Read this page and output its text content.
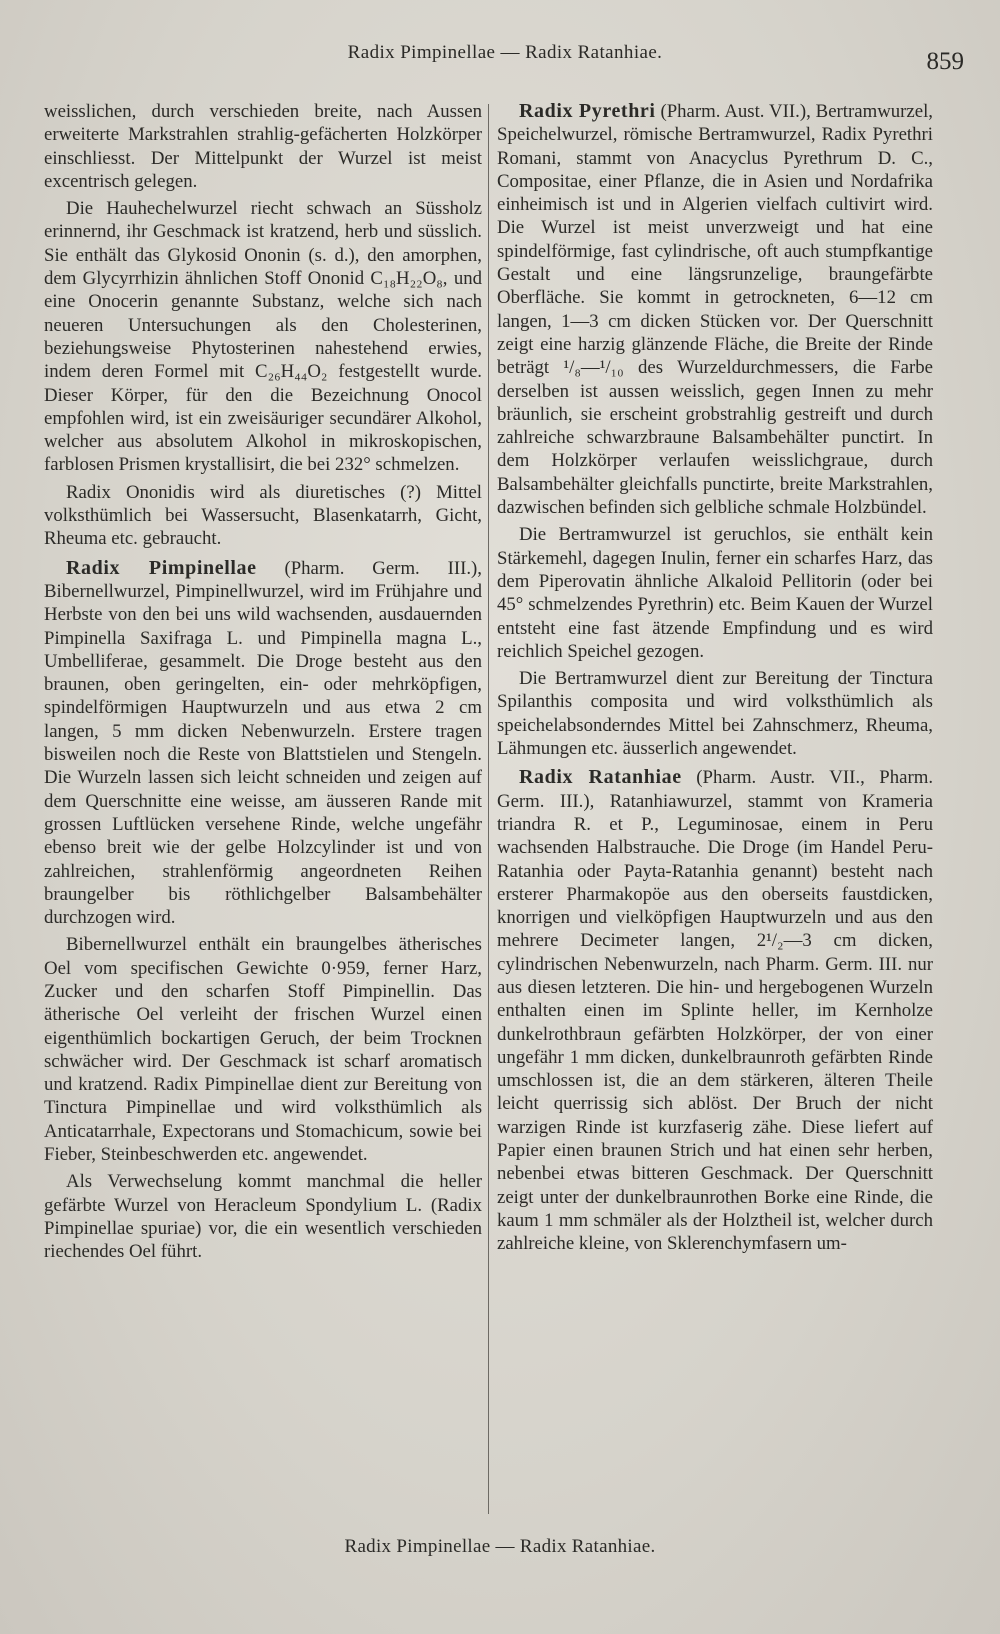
Radix Pimpinellae — Radix Ratanhiae.	859

weisslichen, durch verschieden breite, nach Aussen erweiterte Markstrahlen strahlig-gefächerten Holzkörper einschliesst. Der Mittelpunkt der Wurzel ist meist excentrisch gelegen.

Die Hauhechelwurzel riecht schwach an Süssholz erinnernd, ihr Geschmack ist kratzend, herb und süsslich. Sie enthält das Glykosid Ononin (s. d.), den amorphen, dem Glycyrrhizin ähnlichen Stoff Ononid C₁₈H₂₂O₈, und eine Onocerin genannte Substanz, welche sich nach neueren Untersuchungen als den Cholesterinen, beziehungsweise Phytosterinen nahestehend erwies, indem deren Formel mit C₂₆H₄₄O₂ festgestellt wurde. Dieser Körper, für den die Bezeichnung Onocol empfohlen wird, ist ein zweisäuriger secundärer Alkohol, welcher aus absolutem Alkohol in mikroskopischen, farblosen Prismen krystallisirt, die bei 232° schmelzen.

Radix Ononidis wird als diuretisches (?) Mittel volksthümlich bei Wassersucht, Blasenkatarrh, Gicht, Rheuma etc. gebraucht.

Radix Pimpinellae (Pharm. Germ. III.), Bibernellwurzel, Pimpinellwurzel, wird im Frühjahre und Herbste von den bei uns wild wachsenden, ausdauernden Pimpinella Saxifraga L. und Pimpinella magna L., Umbelliferae, gesammelt. Die Droge besteht aus den braunen, oben geringelten, ein- oder mehrköpfigen, spindelförmigen Hauptwurzeln und aus etwa 2 cm langen, 5 mm dicken Nebenwurzeln. Erstere tragen bisweilen noch die Reste von Blattstielen und Stengeln. Die Wurzeln lassen sich leicht schneiden und zeigen auf dem Querschnitte eine weisse, am äusseren Rande mit grossen Luftlücken versehene Rinde, welche ungefähr ebenso breit wie der gelbe Holzcylinder ist und von zahlreichen, strahlenförmig angeordneten Reihen braungelber bis röthlichgelber Balsambehälter durchzogen wird.

Bibernellwurzel enthält ein braungelbes ätherisches Oel vom specifischen Gewichte 0·959, ferner Harz, Zucker und den scharfen Stoff Pimpinellin. Das ätherische Oel verleiht der frischen Wurzel einen eigenthümlich bockartigen Geruch, der beim Trocknen schwächer wird. Der Geschmack ist scharf aromatisch und kratzend. Radix Pimpinellae dient zur Bereitung von Tinctura Pimpinellae und wird volksthümlich als Anticatarrhale, Expectorans und Stomachicum, sowie bei Fieber, Steinbeschwerden etc. angewendet.

Als Verwechselung kommt manchmal die heller gefärbte Wurzel von Heracleum Spondylium L. (Radix Pimpinellae spuriae) vor, die ein wesentlich verschieden riechendes Oel führt.

Radix Pyrethri (Pharm. Aust. VII.), Bertramwurzel, Speichelwurzel, römische Bertramwurzel, Radix Pyrethri Romani, stammt von Anacyclus Pyrethrum D. C., Compositae, einer Pflanze, die in Asien und Nordafrika einheimisch ist und in Algerien vielfach cultivirt wird. Die Wurzel ist meist unverzweigt und hat eine spindelförmige, fast cylindrische, oft auch stumpfkantige Gestalt und eine längsrunzelige, braungefärbte Oberfläche. Sie kommt in getrockneten, 6—12 cm langen, 1—3 cm dicken Stücken vor. Der Querschnitt zeigt eine harzig glänzende Fläche, die Breite der Rinde beträgt ¹/₈—¹/₁₀ des Wurzeldurchmessers, die Farbe derselben ist aussen weisslich, gegen Innen zu mehr bräunlich, sie erscheint grobstrahlig gestreift und durch zahlreiche schwarzbraune Balsambehälter punctirt. In dem Holzkörper verlaufen weisslichgraue, durch Balsambehälter gleichfalls punctirte, breite Markstrahlen, dazwischen befinden sich gelbliche schmale Holzbündel.

Die Bertramwurzel ist geruchlos, sie enthält kein Stärkemehl, dagegen Inulin, ferner ein scharfes Harz, das dem Piperovatin ähnliche Alkaloid Pellitorin (oder bei 45° schmelzendes Pyrethrin) etc. Beim Kauen der Wurzel entsteht eine fast ätzende Empfindung und es wird reichlich Speichel gezogen.

Die Bertramwurzel dient zur Bereitung der Tinctura Spilanthis composita und wird volksthümlich als speichelabsonderndes Mittel bei Zahnschmerz, Rheuma, Lähmungen etc. äusserlich angewendet.

Radix Ratanhiae (Pharm. Austr. VII., Pharm. Germ. III.), Ratanhiawurzel, stammt von Krameria triandra R. et P., Leguminosae, einem in Peru wachsenden Halbstrauche. Die Droge (im Handel Peru-Ratanhia oder Payta-Ratanhia genannt) besteht nach ersterer Pharmakopöe aus den oberseits faustdicken, knorrigen und vielköpfigen Hauptwurzeln und aus den mehrere Decimeter langen, 2¹/₂—3 cm dicken, cylindrischen Nebenwurzeln, nach Pharm. Germ. III. nur aus diesen letzteren. Die hin- und hergebogenen Wurzeln enthalten einen im Splinte heller, im Kernholze dunkelrothbraun gefärbten Holzkörper, der von einer ungefähr 1 mm dicken, dunkelbraunroth gefärbten Rinde umschlossen ist, die an dem stärkeren, älteren Theile leicht querrissig sich ablöst. Der Bruch der nicht warzigen Rinde ist kurzfaserig zähe. Diese liefert auf Papier einen braunen Strich und hat einen sehr herben, nebenbei etwas bitteren Geschmack. Der Querschnitt zeigt unter der dunkelbraunrothen Borke eine Rinde, die kaum 1 mm schmäler als der Holztheil ist, welcher durch zahlreiche kleine, von Sklerenchymfasern um-

Radix Pimpinellae — Radix Ratanhiae.
